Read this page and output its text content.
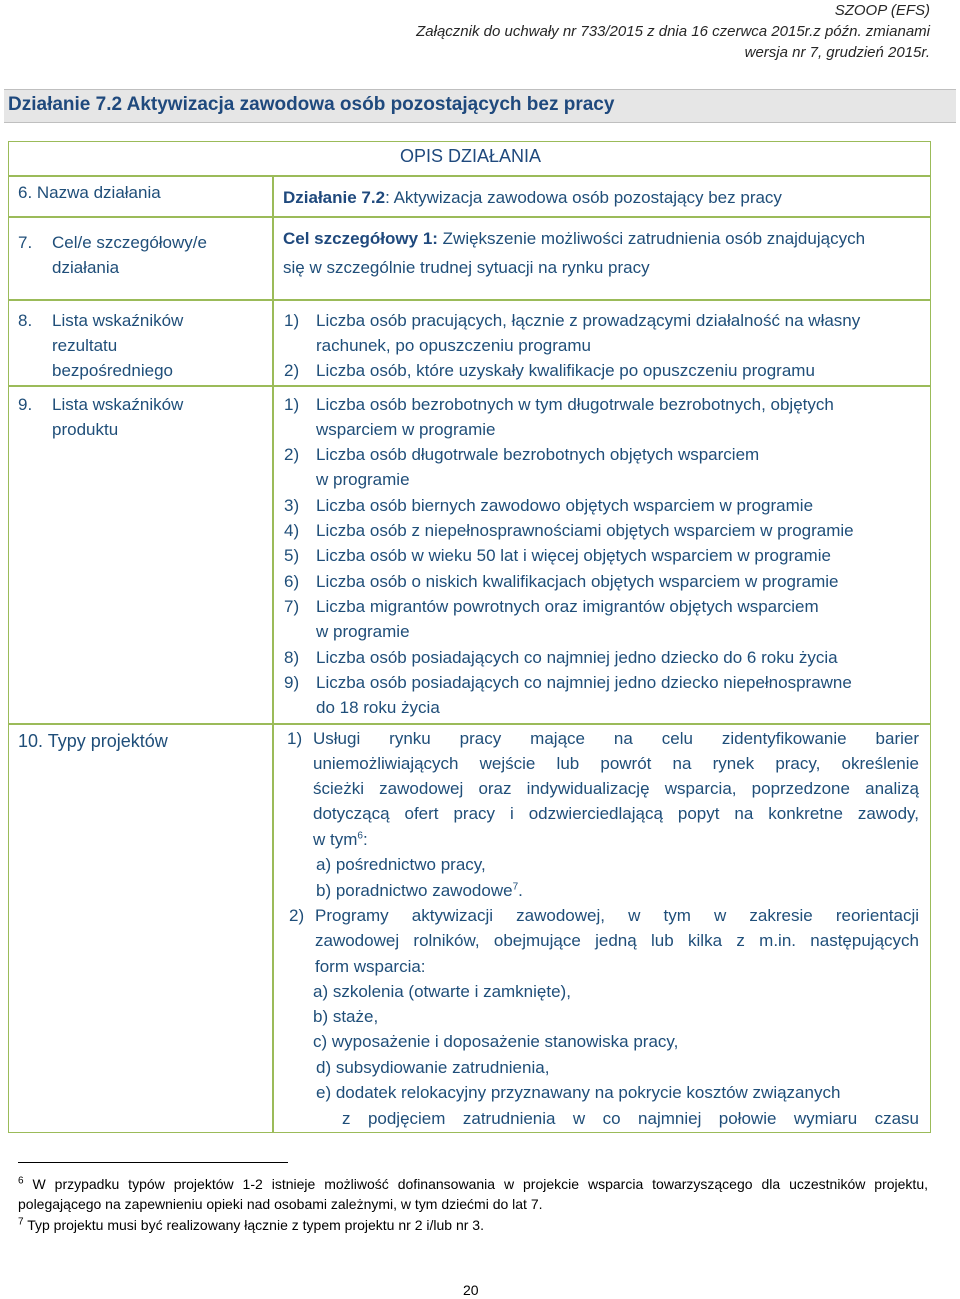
SZOOP (EFS)
Załącznik do uchwały nr 733/2015 z dnia 16 czerwca 2015r.z późn. zmianami
wersja nr 7, grudzień 2015r.
Działanie 7.2 Aktywizacja zawodowa osób pozostających bez pracy
OPIS DZIAŁANIA
6. Nazwa działania	Działanie 7.2: Aktywizacja zawodowa osób pozostający bez pracy
7. Cel/e szczegółowy/e
działania
Cel szczegółowy 1: Zwiększenie możliwości zatrudnienia osób znajdujących
się w szczególnie trudnej sytuacji na rynku pracy
8. Lista wskaźników
rezultatu
bezpośredniego
1) Liczba osób pracujących, łącznie z prowadzącymi działalność na własny
rachunek, po opuszczeniu programu
2) Liczba osób, które uzyskały kwalifikacje po opuszczeniu programu
9. Lista wskaźników
produktu
1) Liczba osób bezrobotnych w tym długotrwale bezrobotnych, objętych
wsparciem w programie
2) Liczba osób długotrwale bezrobotnych objętych wsparciem
w programie
3) Liczba osób biernych zawodowo objętych wsparciem w programie
4) Liczba osób z niepełnosprawnościami objętych wsparciem w programie
5) Liczba osób w wieku 50 lat i więcej objętych wsparciem w programie
6) Liczba osób o niskich kwalifikacjach objętych wsparciem w programie
7) Liczba migrantów powrotnych oraz imigrantów objętych wsparciem
w programie
8) Liczba osób posiadających co najmniej jedno dziecko do 6 roku życia
9) Liczba osób posiadających co najmniej jedno dziecko niepełnosprawne
do 18 roku życia
10. Typy projektów	1) Usługi rynku pracy mające na celu zidentyfikowanie barier
uniemożliwiających wejście lub powrót na rynek pracy, określenie
ścieżki zawodowej oraz indywidualizację wsparcia, poprzedzone analizą
dotyczącą ofert pracy i odzwierciedlającą popyt na konkretne zawody,
w tym$^6$:
a) pośrednictwo pracy,
b) poradnictwo zawodowe$^7$.
2) Programy aktywizacji zawodowej, w tym w zakresie reorientacji
zawodowej rolników, obejmujące jedną lub kilka z m.in. następujących
form wsparcia:
a) szkolenia (otwarte i zamknięte),
b) staże,
c) wyposażenie i doposażenie stanowiska pracy,
d) subsydiowanie zatrudnienia,
e) dodatek relokacyjny przyznawany na pokrycie kosztów związanych
z podjęciem zatrudnienia w co najmniej połowie wymiaru czasu
$^6$ W przypadku typów projektów 1-2 istnieje możliwość dofinansowania w projekcie wsparcia towarzyszącego dla uczestników projektu, polegającego na zapewnieniu opieki nad osobami zależnymi, w tym dziećmi do lat 7.
$^7$ Typ projektu musi być realizowany łącznie z typem projektu nr 2 i/lub nr 3.
20
